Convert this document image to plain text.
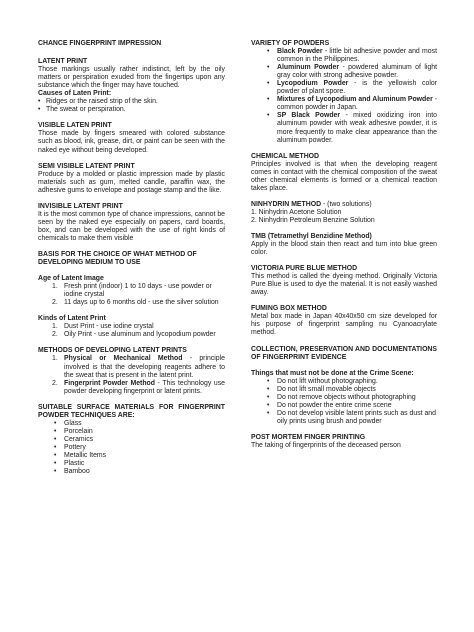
CHANCE FINGERPRINT IMPRESSION
LATENT PRINT
Those markings usually rather indistinct, left by the oily matters or perspiration exuded from the fingertips upon any substance which the finger may have touched.
Causes of Laten Print:
• Ridges or the raised strip of the skin.
• The sweat or perspiration.
VISIBLE LATEN PRINT
Those made by fingers smeared with colored substance such as blood, ink, grease, dirt, or paint can be seen with the naked eye without being developed.
SEMI VISIBLE LATENT PRINT
Produce by a molded or plastic impression made by plastic materials such as gum, melted candle, paraffin wax, the adhesive gums to envelope and postage stamp and the like.
INVISIBLE LATENT PRINT
It is the most common type of chance impressions, cannot be seen by the naked eye especially on papers, card boards, box, and can be developed with the use of right kinds of chemicals to make them visible
BASIS FOR THE CHOICE OF WHAT METHOD OF DEVELOPING MEDIUM TO USE
Age of Latent Image
1. Fresh print (indoor) 1 to 10 days - use powder or iodine crystal
2. 11 days up to 6 months old - use the silver solution
Kinds of Latent Print
1. Dust Print - use iodine crystal
2. Oily Print - use aluminum and lycopodium powder
METHODS OF DEVELOPING LATENT PRINTS
1. Physical or Mechanical Method - principle involved is that the developing reagents adhere to the sweat that is present in the latent print.
2. Fingerprint Powder Method - This technology use powder developing fingerprint or latent prints.
SUITABLE SURFACE MATERIALS FOR FINGERPRINT POWDER TECHNIQUES ARE:
• Glass
• Porcelain
• Ceramics
• Pottery
• Metallic Items
• Plastic
• Bamboo
VARIETY OF POWDERS
• Black Powder - little bit adhesive powder and most common in the Philippines.
• Aluminum Powder - powdered aluminum of light gray color with strong adhesive powder.
• Lycopodium Powder - is the yellowish color powder of plant spore.
• Mixtures of Lycopodium and Aluminum Powder - common powder in Japan.
• SP Black Powder - mixed oxidizing iron into aluminum powder with weak adhesive powder, it is more frequently to make clear appearance than the aluminum powder.
CHEMICAL METHOD
Principles involved is that when the developing reagent comes in contact with the chemical composition of the sweat other chemical elements is formed or a chemical reaction takes place.
NINHYDRIN METHOD - (two solutions)
1. Ninhydrin Acetone Solution
2. Ninhydrin Petroleum Benzine Solution
TMB (Tetramethyl Benzidine Method)
Apply in the blood stain then react and turn into blue green color.
VICTORIA PURE BLUE METHOD
This method is called the dyeing method. Originally Victoria Pure Blue is used to dye the material. It is not easily washed away.
FUMING BOX METHOD
Metal box made in Japan 40x40x50 cm size developed for his purpose of fingerprint sampling nu Cyanoacrylate method.
COLLECTION, PRESERVATION AND DOCUMENTATIONS OF FINGERPRINT EVIDENCE
Things that must not be done at the Crime Scene:
• Do not lift without photographing.
• Do not lift small movable objects
• Do not remove objects without photographing
• Do not powder the entire crime scene
• Do not develop visible latent prints such as dust and oily prints using brush and powder
POST MORTEM FINGER PRINTING
The taking of fingerprints of the deceased person
